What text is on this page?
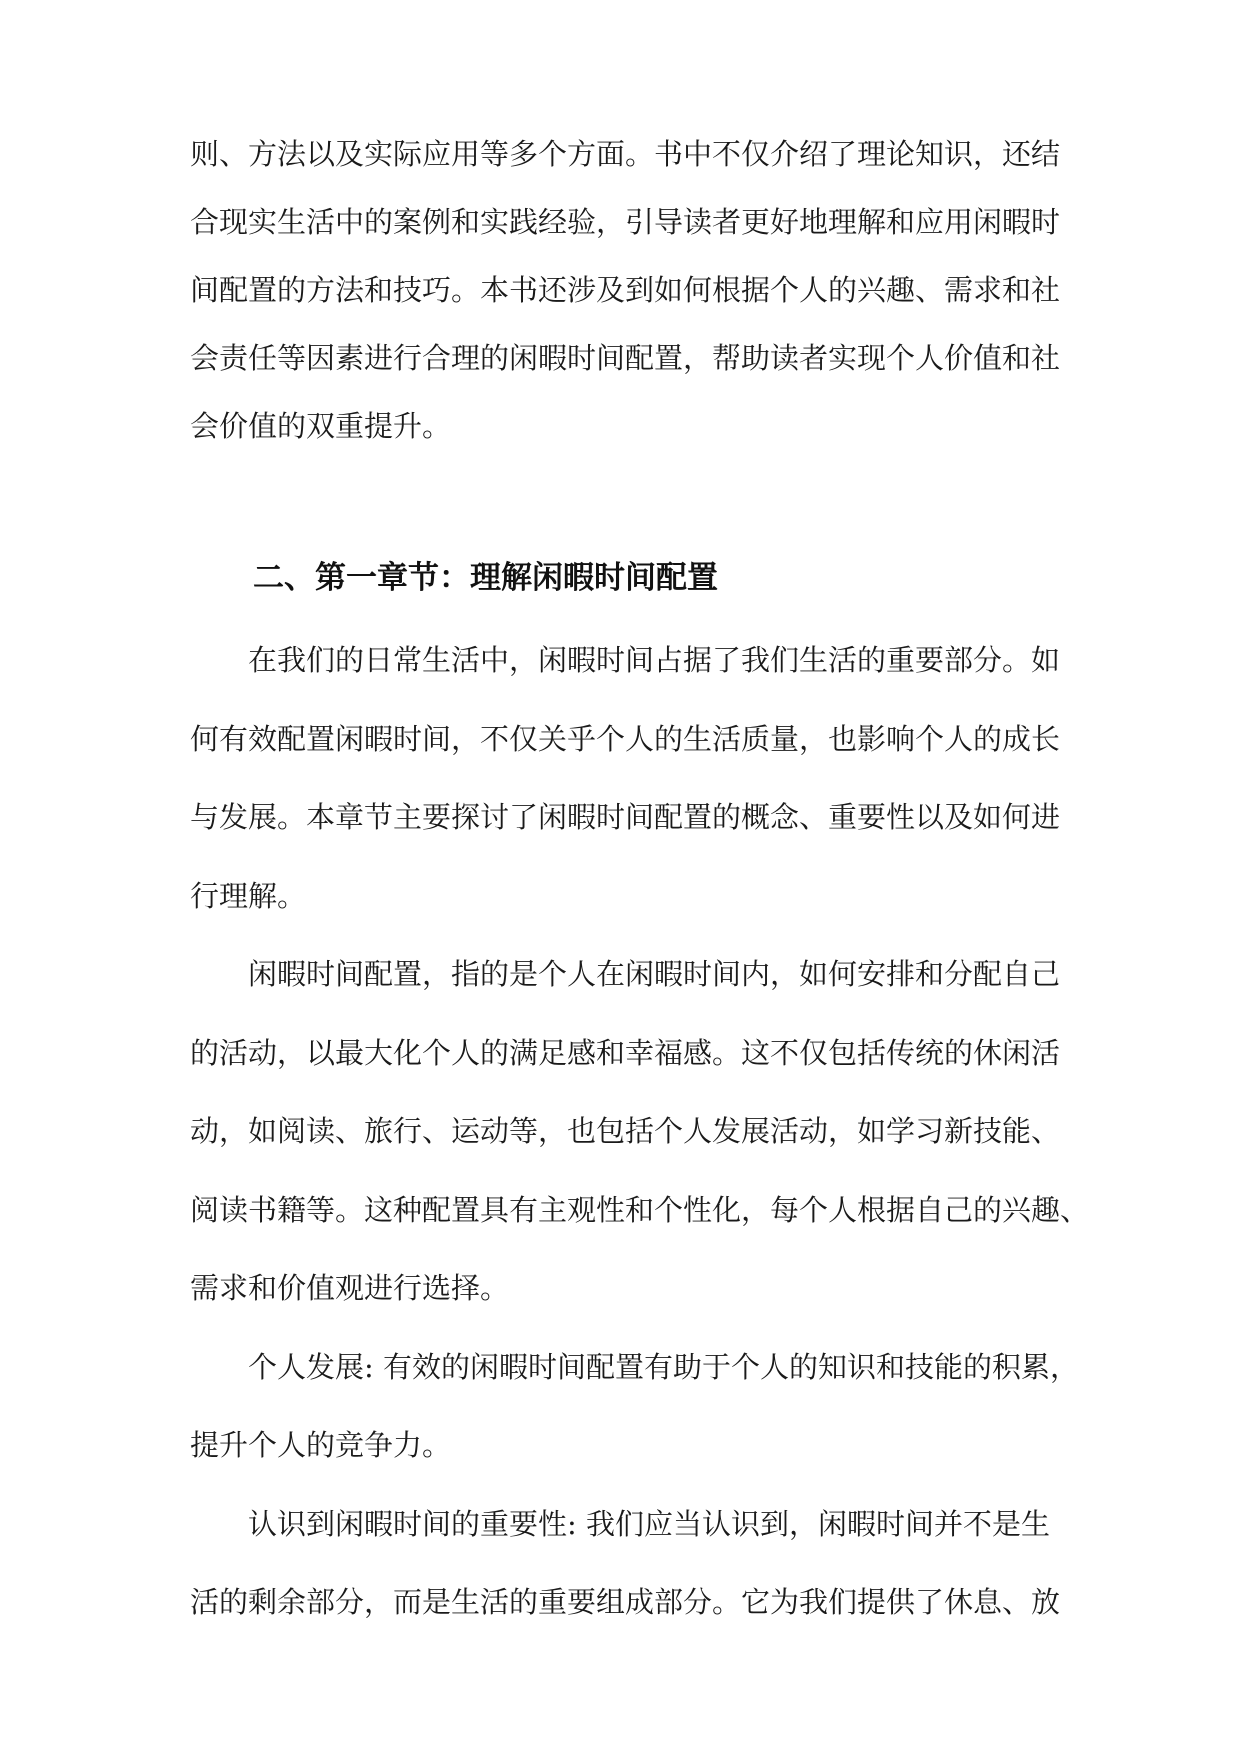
则、方法以及实际应用等多个方面。书中不仅介绍了理论知识，还结
合现实生活中的案例和实践经验，引导读者更好地理解和应用闲暇时
间配置的方法和技巧。本书还涉及到如何根据个人的兴趣、需求和社
会责任等因素进行合理的闲暇时间配置，帮助读者实现个人价值和社
会价值的双重提升。
二、第一章节：理解闲暇时间配置
在我们的日常生活中，闲暇时间占据了我们生活的重要部分。如
何有效配置闲暇时间，不仅关乎个人的生活质量，也影响个人的成长
与发展。本章节主要探讨了闲暇时间配置的概念、重要性以及如何进
行理解。
闲暇时间配置，指的是个人在闲暇时间内，如何安排和分配自己
的活动，以最大化个人的满足感和幸福感。这不仅包括传统的休闲活
动，如阅读、旅行、运动等，也包括个人发展活动，如学习新技能、
阅读书籍等。这种配置具有主观性和个性化，每个人根据自己的兴趣、
需求和价值观进行选择。
个人发展: 有效的闲暇时间配置有助于个人的知识和技能的积累，
提升个人的竞争力。
认识到闲暇时间的重要性: 我们应当认识到，闲暇时间并不是生
活的剩余部分，而是生活的重要组成部分。它为我们提供了休息、放
